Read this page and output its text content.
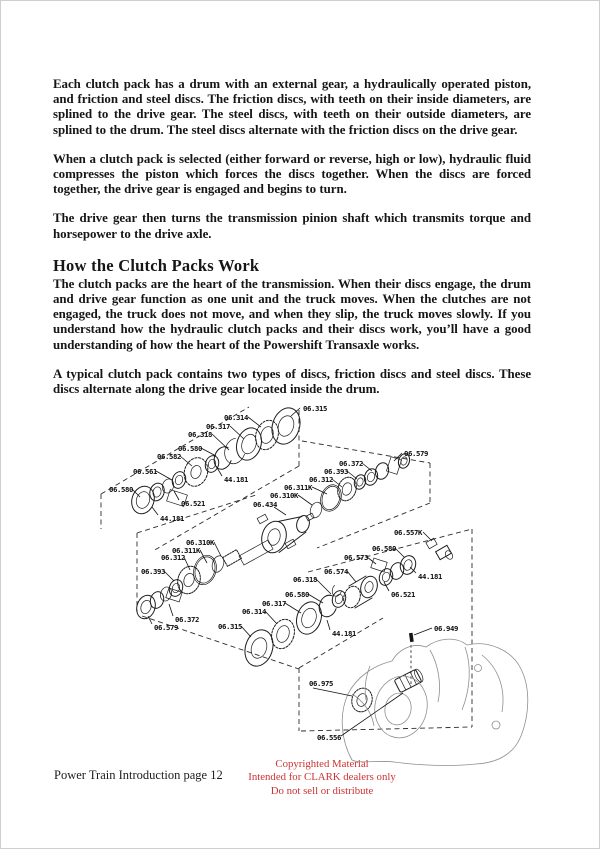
Each clutch pack has a drum with an external gear, a hydraulically operated piston, and friction and steel discs. The friction discs, with teeth on their inside diameters, are splined to the drive gear. The steel discs, with teeth on their outside diameters, are splined to the drum. The steel discs alternate with the friction discs on the drive gear.

When a clutch pack is selected (either forward or reverse, high or low), hydraulic fluid compresses the piston which forces the discs together. When the discs are forced together, the drive gear is engaged and begins to turn.

The drive gear then turns the transmission pinion shaft which transmits torque and horsepower to the drive axle.

How the Clutch Packs Work

The clutch packs are the heart of the transmission. When their discs engage, the drum and drive gear function as one unit and the truck moves. When the clutches are not engaged, the truck does not move, and when they slip, the truck moves slowly. If you understand how the hydraulic clutch packs and their discs work, you’ll have a good understanding of how the heart of the Powershift Transaxle works.

A typical clutch pack contains two types of discs, friction discs and steel discs. These discs alternate along the drive gear located inside the drum.

06.315
06.314
06.317
06.318
06.580
06.582
06.561
06.580
44.181
06.521
44.181
06.372
06.393
06.312
06.311K
06.310K
06.434
06.579
06.310K
06.311K
06.312
06.393
06.372
06.579
06.573
06.574
06.318
06.580
06.317
06.314
06.315
44.181
06.521
44.181
06.557K
06.580
06.949
06.975
06.556
Power Train Introduction page 12
Copyrighted Material
Intended for CLARK dealers only
Do not sell or distribute
